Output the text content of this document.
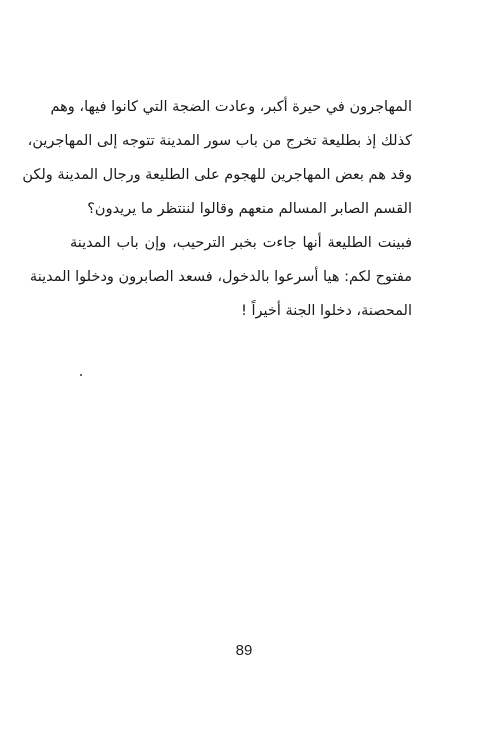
المهاجرون في حيرة أكبر، وعادت الضجة التي كانوا فيها، وهم
كذلك إذ بطليعة تخرج من باب سور المدينة تتوجه إلى المهاجرين،
وقد هم بعض المهاجرين للهجوم على الطليعة ورجال المدينة ولكن
القسم الصابر المسالم منعهم وقالوا لننتظر ما يريدون؟

فبينت الطليعة أنها جاءت بخبر الترحيب، وإن باب المدينة
مفتوح لكم: هيا أسرعوا بالدخول، فسعد الصابرون ودخلوا المدينة
المحصنة، دخلوا الجنة أخيراً !

89
